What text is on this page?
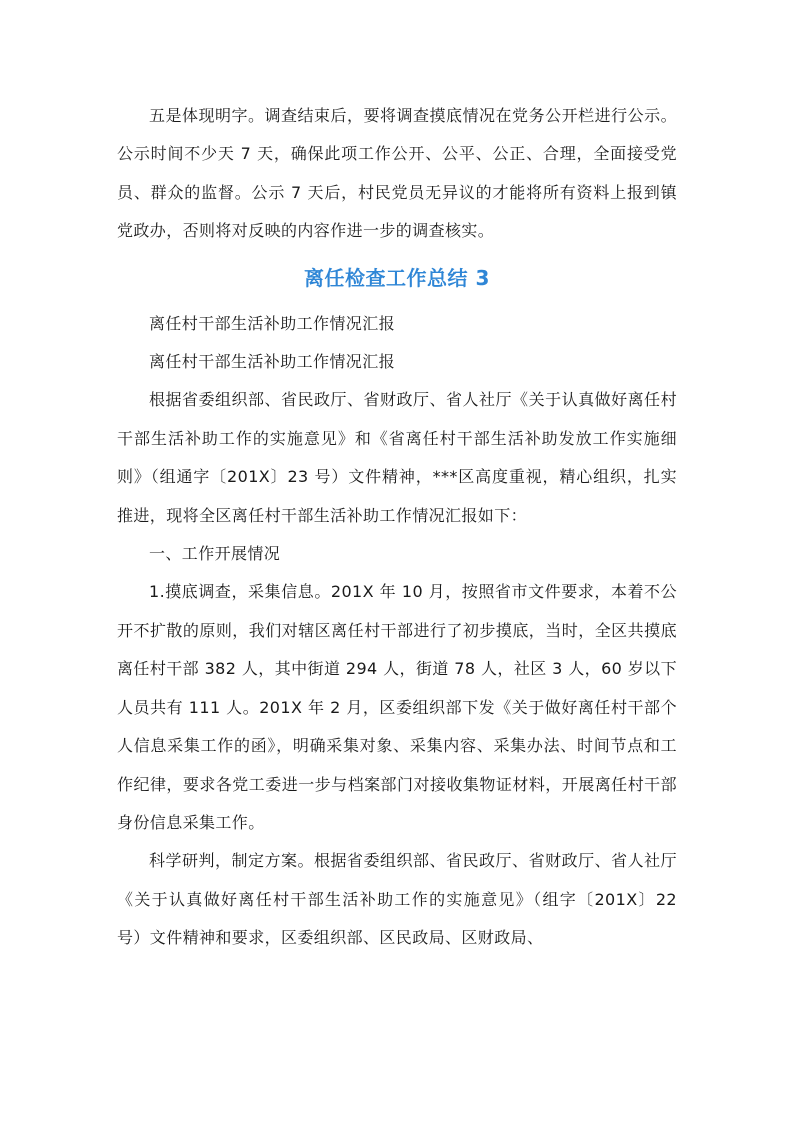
五是体现明字。调查结束后，要将调查摸底情况在党务公开栏进行公示。公示时间不少天 7 天，确保此项工作公开、公平、公正、合理，全面接受党员、群众的监督。公示 7 天后，村民党员无异议的才能将所有资料上报到镇党政办，否则将对反映的内容作进一步的调查核实。

离任检查工作总结 3

离任村干部生活补助工作情况汇报

离任村干部生活补助工作情况汇报

根据省委组织部、省民政厅、省财政厅、省人社厅《关于认真做好离任村干部生活补助工作的实施意见》和《省离任村干部生活补助发放工作实施细则》（组通字〔201X〕23 号）文件精神，***区高度重视，精心组织，扎实推进，现将全区离任村干部生活补助工作情况汇报如下：

一、工作开展情况

1.摸底调查，采集信息。201X 年 10 月，按照省市文件要求，本着不公开不扩散的原则，我们对辖区离任村干部进行了初步摸底，当时，全区共摸底离任村干部 382 人，其中街道 294 人，街道 78 人，社区 3 人，60 岁以下人员共有 111 人。201X 年 2 月，区委组织部下发《关于做好离任村干部个人信息采集工作的函》，明确采集对象、采集内容、采集办法、时间节点和工作纪律，要求各党工委进一步与档案部门对接收集物证材料，开展离任村干部身份信息采集工作。

科学研判，制定方案。根据省委组织部、省民政厅、省财政厅、省人社厅《关于认真做好离任村干部生活补助工作的实施意见》（组字〔201X〕22 号）文件精神和要求，区委组织部、区民政局、区财政局、
